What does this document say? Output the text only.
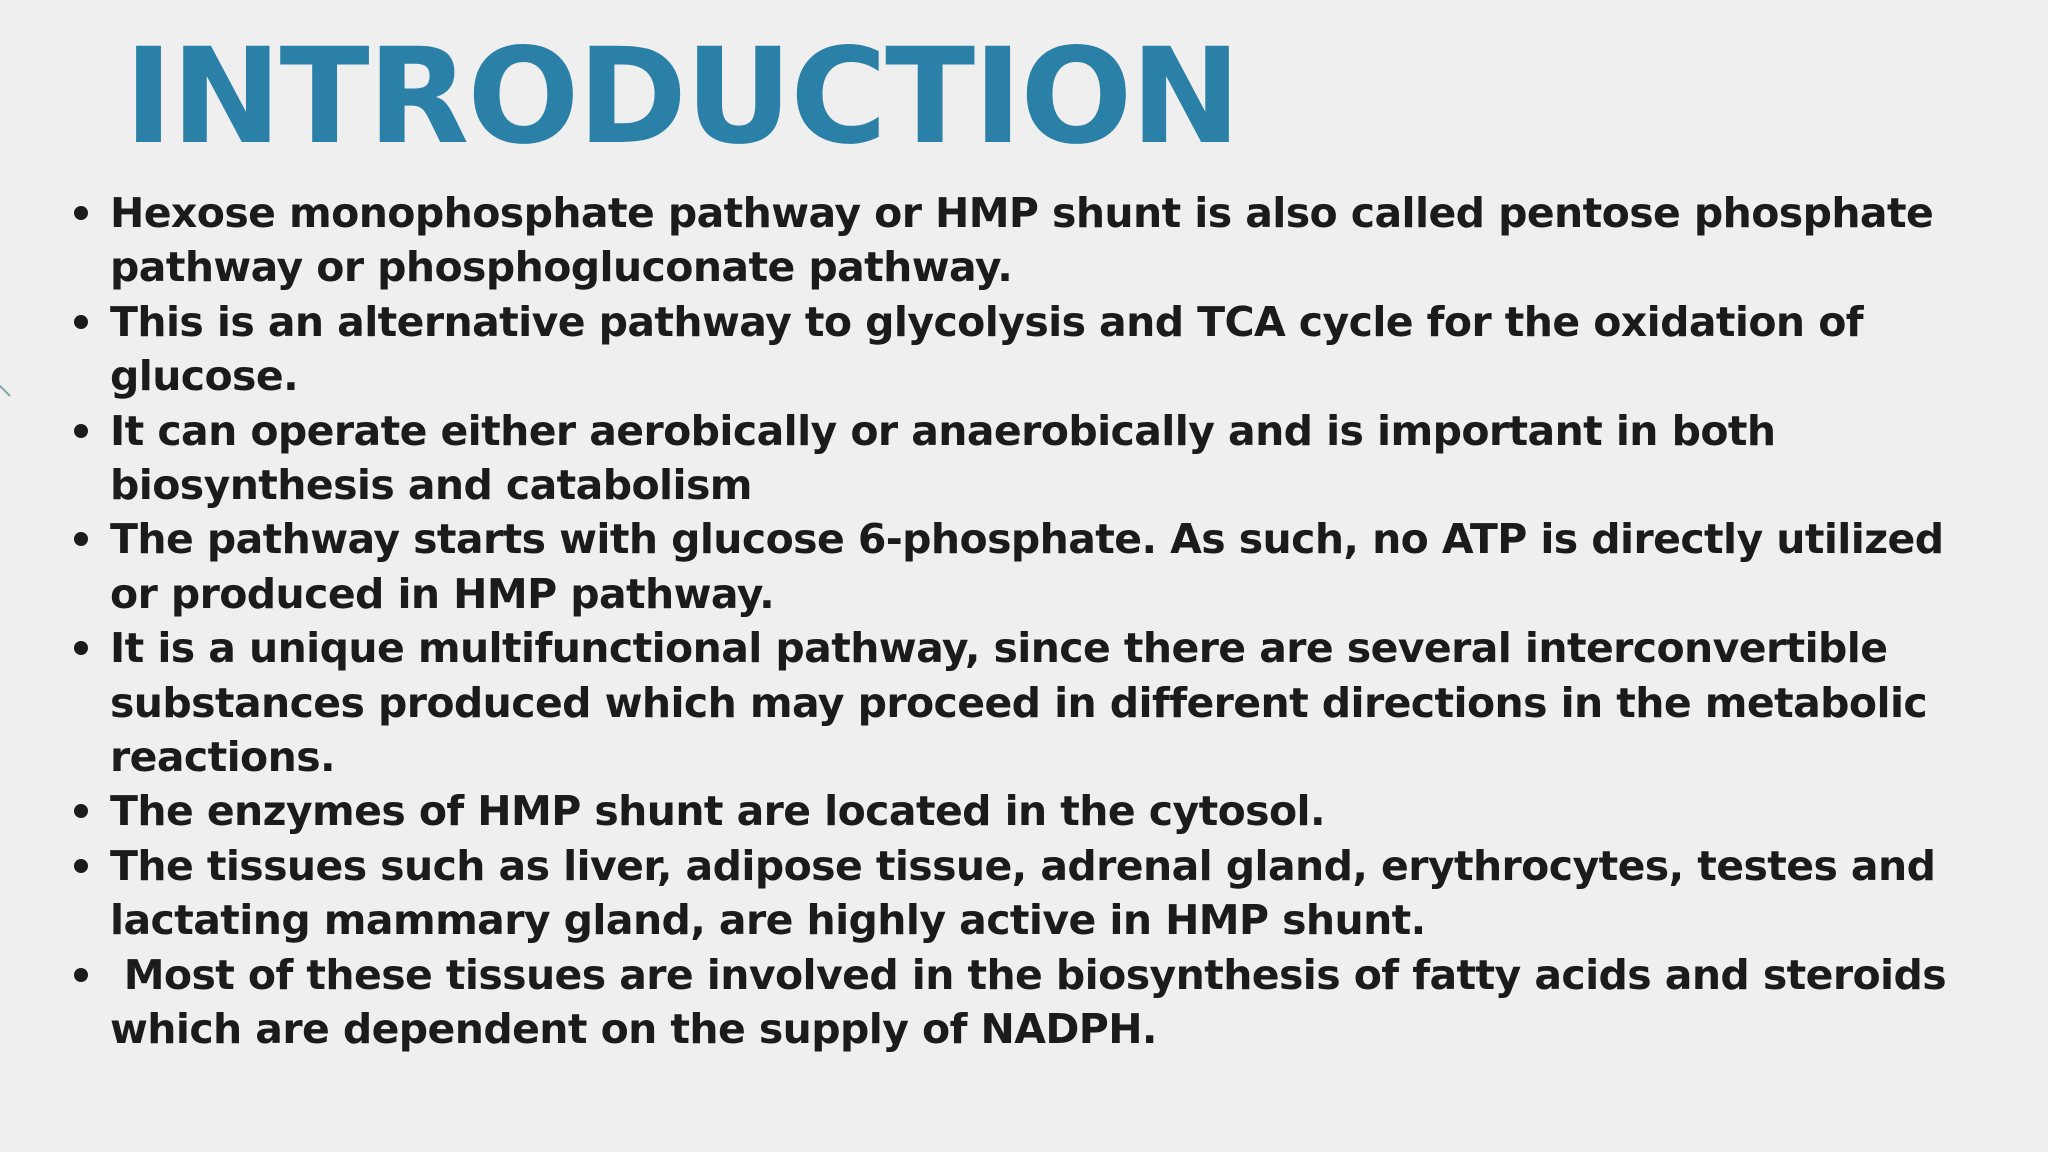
INTRODUCTION
Hexose monophosphate pathway or HMP shunt is also called pentose phosphate pathway or phosphogluconate pathway.
This is an alternative pathway to glycolysis and TCA cycle for the oxidation of glucose.
It can operate either aerobically or anaerobically and is important in both biosynthesis and catabolism
The pathway starts with glucose 6-phosphate. As such, no ATP is directly utilized or produced in HMP pathway.
It is a unique multifunctional pathway, since there are several interconvertible substances produced which may proceed in different directions in the metabolic reactions.
The enzymes of HMP shunt are located in the cytosol.
The tissues such as liver, adipose tissue, adrenal gland, erythrocytes, testes and lactating mammary gland, are highly active in HMP shunt.
Most of these tissues are involved in the biosynthesis of fatty acids and steroids which are dependent on the supply of NADPH.
